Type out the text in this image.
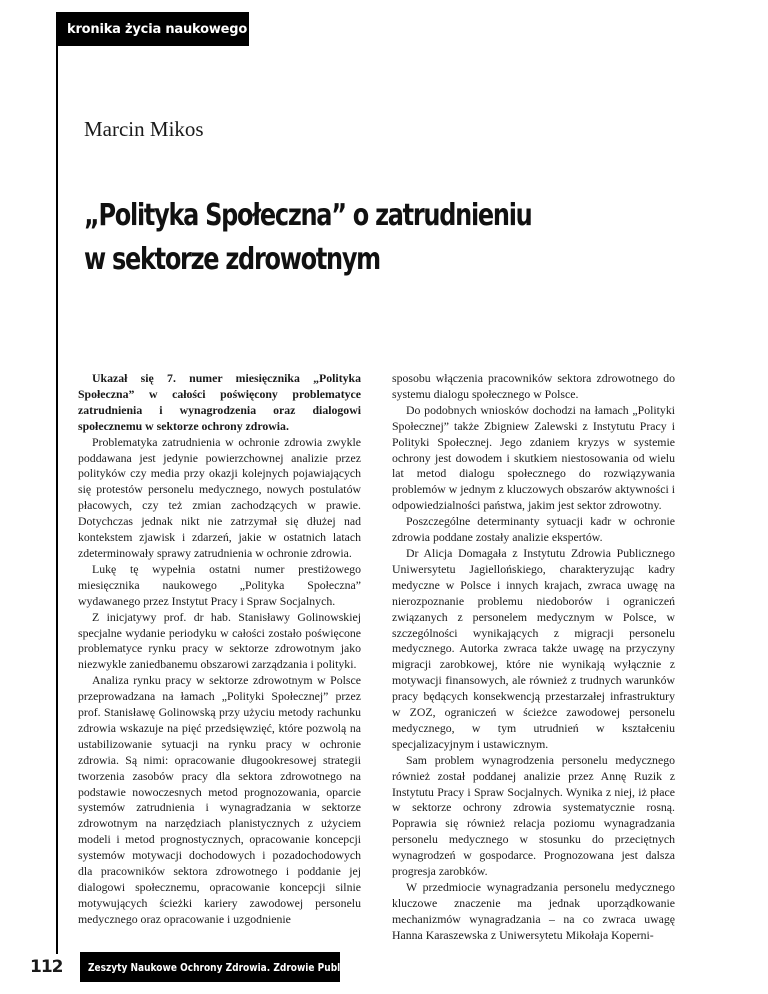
kronika życia naukowego
Marcin Mikos
„Polityka Społeczna” o zatrudnieniu w sektorze zdrowotnym

Ukazał się 7. numer miesięcznika „Polityka Społeczna” w całości poświęcony problematyce zatrudnienia i wynagrodzenia oraz dialogowi społecznemu w sektorze ochrony zdrowia.

Problematyka zatrudnienia w ochronie zdrowia zwykle poddawana jest jedynie powierzchownej analizie przez polityków czy media przy okazji kolejnych pojawiających się protestów personelu medycznego, nowych postulatów płacowych, czy też zmian zachodzących w prawie. Dotychczas jednak nikt nie zatrzymał się dłużej nad kontekstem zjawisk i zdarzeń, jakie w ostatnich latach zdeterminowały sprawy zatrudnienia w ochronie zdrowia.

Lukę tę wypełnia ostatni numer prestiżowego miesięcznika naukowego „Polityka Społeczna” wydawanego przez Instytut Pracy i Spraw Socjalnych.

Z inicjatywy prof. dr hab. Stanisławy Golinowskiej specjalne wydanie periodyku w całości zostało poświęcone problematyce rynku pracy w sektorze zdrowotnym jako niezwykle zaniedbanemu obszarowi zarządzania i polityki.

Analiza rynku pracy w sektorze zdrowotnym w Polsce przeprowadzana na łamach „Polityki Społecznej” przez prof. Stanisławę Golinowską przy użyciu metody rachunku zdrowia wskazuje na pięć przedsięwzięć, które pozwolą na ustabilizowanie sytuacji na rynku pracy w ochronie zdrowia. Są nimi: opracowanie długookresowej strategii tworzenia zasobów pracy dla sektora zdrowotnego na podstawie nowoczesnych metod prognozowania, oparcie systemów zatrudnienia i wynagradzania w sektorze zdrowotnym na narzędziach planistycznych z użyciem modeli i metod prognostycznych, opracowanie koncepcji systemów motywacji dochodowych i pozadochodowych dla pracowników sektora zdrowotnego i poddanie jej dialogowi społecznemu, opracowanie koncepcji silnie motywujących ścieżki kariery zawodowej personelu medycznego oraz opracowanie i uzgodnienie

sposobu włączenia pracowników sektora zdrowotnego do systemu dialogu społecznego w Polsce.

Do podobnych wniosków dochodzi na łamach „Polityki Społecznej” także Zbigniew Zalewski z Instytutu Pracy i Polityki Społecznej. Jego zdaniem kryzys w systemie ochrony jest dowodem i skutkiem niestosowania od wielu lat metod dialogu społecznego do rozwiązywania problemów w jednym z kluczowych obszarów aktywności i odpowiedzialności państwa, jakim jest sektor zdrowotny.

Poszczególne determinanty sytuacji kadr w ochronie zdrowia poddane zostały analizie ekspertów.

Dr Alicja Domagała z Instytutu Zdrowia Publicznego Uniwersytetu Jagiellońskiego, charakteryzując kadry medyczne w Polsce i innych krajach, zwraca uwagę na nierozpoznanie problemu niedoborów i ograniczeń związanych z personelem medycznym w Polsce, w szczególności wynikających z migracji personelu medycznego. Autorka zwraca także uwagę na przyczyny migracji zarobkowej, które nie wynikają wyłącznie z motywacji finansowych, ale również z trudnych warunków pracy będących konsekwencją przestarzałej infrastruktury w ZOZ, ograniczeń w ścieżce zawodowej personelu medycznego, w tym utrudnień w kształceniu specjalizacyjnym i ustawicznym.

Sam problem wynagrodzenia personelu medycznego również został poddanej analizie przez Annę Ruzik z Instytutu Pracy i Spraw Socjalnych. Wynika z niej, iż płace w sektorze ochrony zdrowia systematycznie rosną. Poprawia się również relacja poziomu wynagradzania personelu medycznego w stosunku do przeciętnych wynagrodzeń w gospodarce. Prognozowana jest dalsza progresja zarobków.

W przedmiocie wynagradzania personelu medycznego kluczowe znaczenie ma jednak uporządkowanie mechanizmów wynagradzania – na co zwraca uwagę Hanna Karaszewska z Uniwersytetu Mikołaja Koperni-

112 Zeszyty Naukowe Ochrony Zdrowia. Zdrowie Publiczne i Zarządzanie
